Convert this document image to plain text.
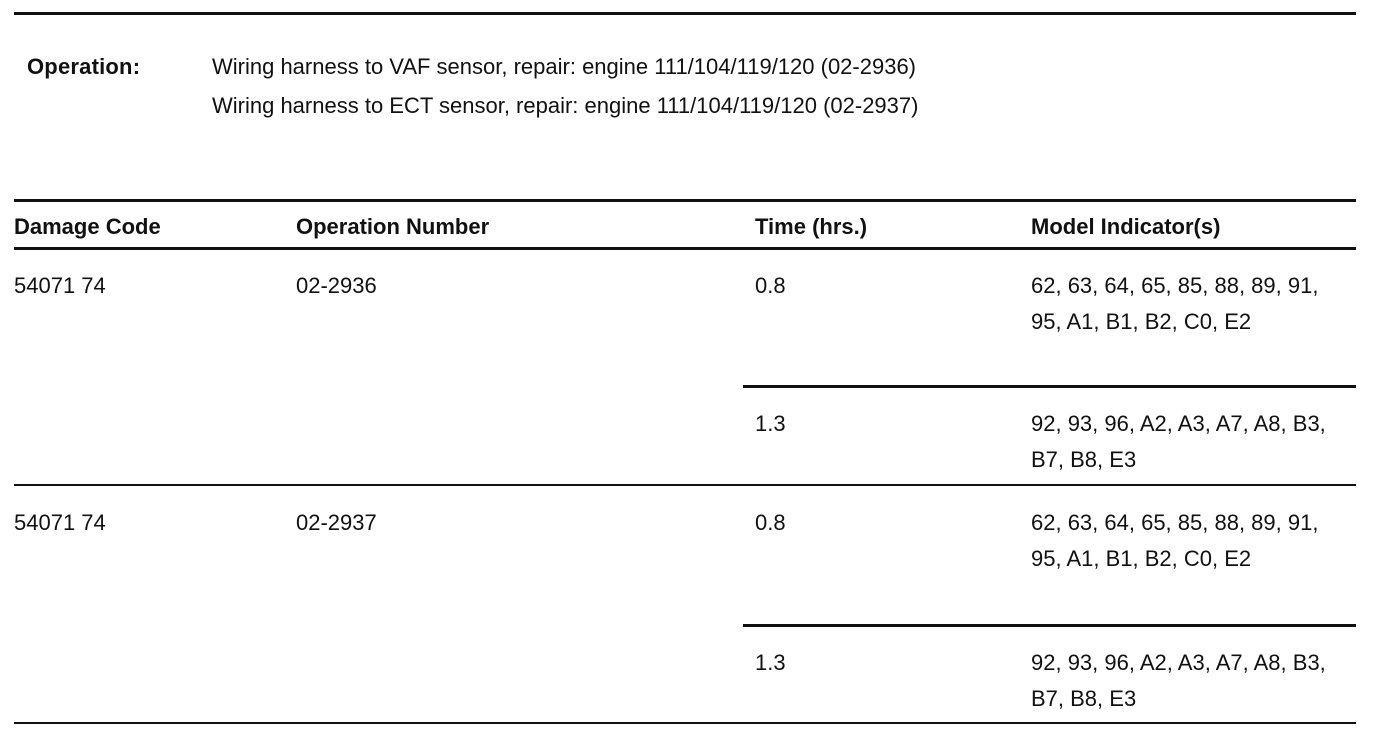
Operation:	Wiring harness to VAF sensor, repair: engine 111/104/119/120 (02-2936)
Wiring harness to ECT sensor, repair: engine 111/104/119/120 (02-2937)
Damage Code	Operation Number	Time (hrs.)	Model Indicator(s)
54071 74	02-2936	0.8	62, 63, 64, 65, 85, 88, 89, 91, 95, A1, B1, B2, C0, E2
1.3	92, 93, 96, A2, A3, A7, A8, B3, B7, B8, E3
54071 74	02-2937	0.8	62, 63, 64, 65, 85, 88, 89, 91, 95, A1, B1, B2, C0, E2
1.3	92, 93, 96, A2, A3, A7, A8, B3, B7, B8, E3
